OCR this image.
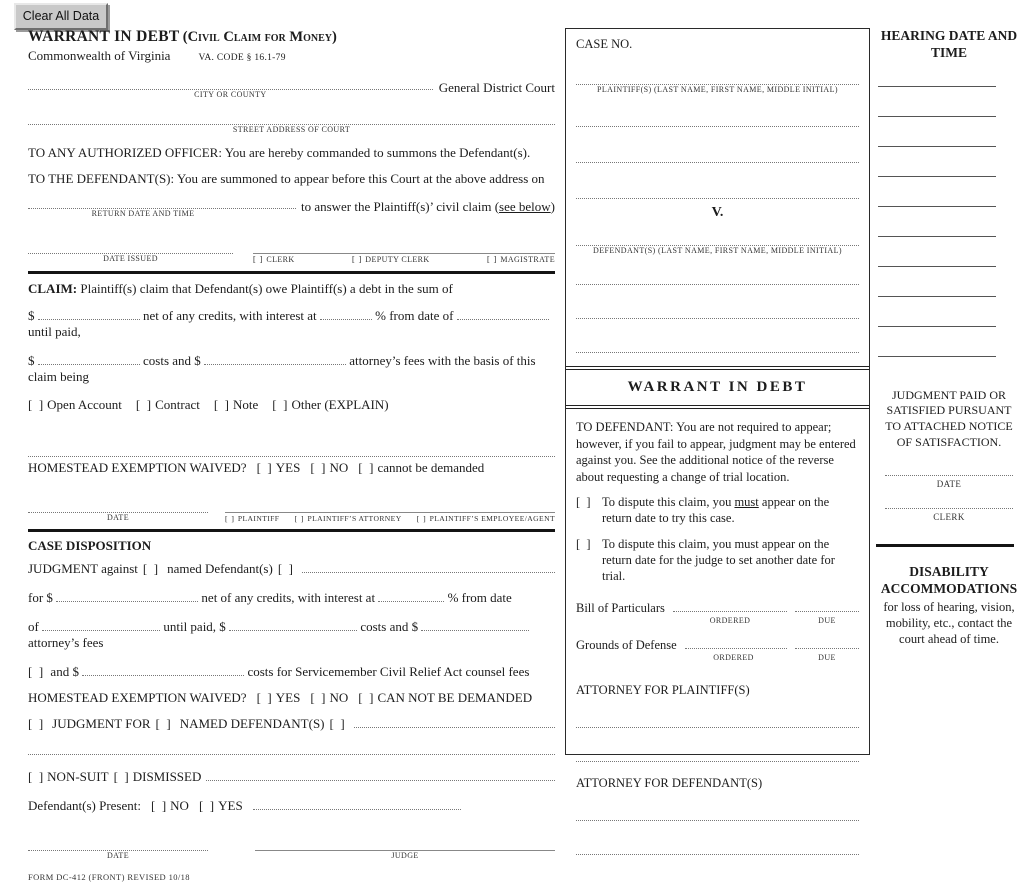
Clear All Data
WARRANT IN DEBT (Civil Claim for Money)
Commonwealth of Virginia	VA. CODE § 16.1-79
CITY OR COUNTY	General District Court
STREET ADDRESS OF COURT
TO ANY AUTHORIZED OFFICER: You are hereby commanded to summons the Defendant(s).
TO THE DEFENDANT(S): You are summoned to appear before this Court at the above address on
RETURN DATE AND TIME	to answer the Plaintiff(s)’ civil claim (see below)
DATE ISSUED [  ]	CLERK [  ]	DEPUTY CLERK [  ]	MAGISTRATE
CLAIM: Plaintiff(s) claim that Defendant(s) owe Plaintiff(s) a debt in the sum of
$	net of any credits, with interest at	% from date of  until paid,
$	costs and $	attorney’s fees with the basis of this claim being
[  ] Open Account [  ]	Contract [  ]	Note [  ]	Other (EXPLAIN)
HOMESTEAD EXEMPTION WAIVED? [  ]	YES [  ]	NO [  ]	cannot be demanded
DATE [  ]	PLAINTIFF [  ]	PLAINTIFF’S ATTORNEY [  ]	PLAINTIFF’S EMPLOYEE/AGENT
CASE DISPOSITION
JUDGMENT against [  ] named Defendant(s)
[  ]
for $	net of any credits, with interest at	% from date
of	until paid, $	costs and $  attorney’s fees
[  ] and $	costs for Servicemember Civil Relief Act counsel fees
HOMESTEAD EXEMPTION WAIVED? [  ]	YES [  ]	NO [  ]	CAN NOT BE DEMANDED
[  ]
JUDGMENT FOR [  ] NAMED DEFENDANT(S)
[  ]
[  ] NON-SUIT [  ]	DISMISSED
Defendant(s) Present: [  ]	NO [  ]	YES
DATE	JUDGE
FORM DC-412 (FRONT) REVISED 10/18
CASE NO.
PLAINTIFF(S) (LAST NAME, FIRST NAME, MIDDLE INITIAL)
V.
DEFENDANT(S) (LAST NAME, FIRST NAME, MIDDLE INITIAL)
WARRANT IN DEBT
TO DEFENDANT: You are not required to appear; however, if you fail to appear, judgment may be entered against you. See the additional notice of the reverse about requesting a change of trial location.
[  ]
To dispute this claim, you must appear on the return date to try this case.
[  ]
To dispute this claim, you must appear on the return date for the judge to set another date for trial.
Bill of Particulars
ORDERED	DUE
Grounds of Defense
ORDERED	DUE
ATTORNEY FOR PLAINTIFF(S)
ATTORNEY FOR DEFENDANT(S)
HEARING DATE AND TIME
JUDGMENT PAID OR SATISFIED PURSUANT TO ATTACHED NOTICE OF SATISFACTION.
DATE
CLERK
DISABILITY ACCOMMODATIONS
for loss of hearing, vision, mobility, etc., contact the court ahead of time.
